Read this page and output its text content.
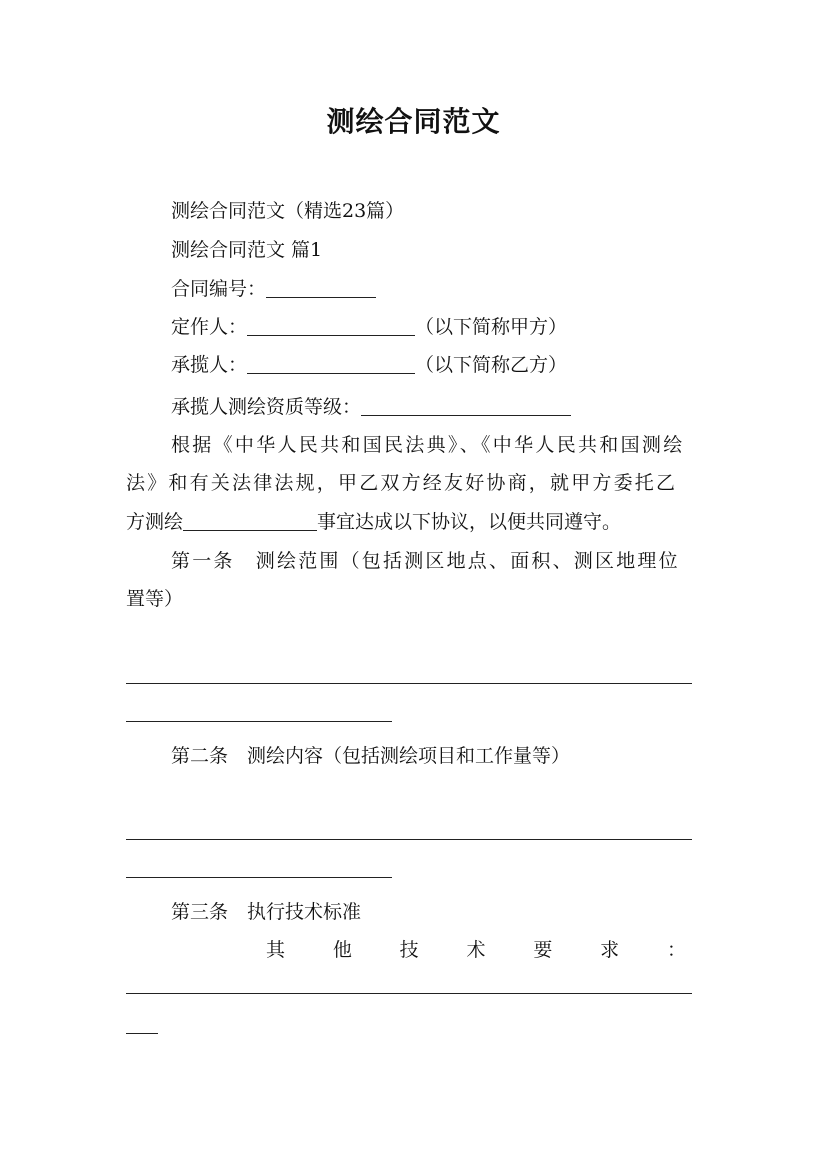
测绘合同范文
测绘合同范文（精选23篇）
测绘合同范文 篇1
合同编号：
定作人：	（以下简称甲方）
承揽人：	（以下简称乙方）
承揽人测绘资质等级：
根据《中华人民共和国民法典》、《中华人民共和国测绘
法》和有关法律法规，甲乙双方经友好协商，就甲方委托乙
方测绘	事宜达成以下协议，以便共同遵守。
第一条　测绘范围（包括测区地点、面积、测区地理位
置等）
第二条　测绘内容（包括测绘项目和工作量等）
第三条　执行技术标准
其	他	技	术	要	求	：
